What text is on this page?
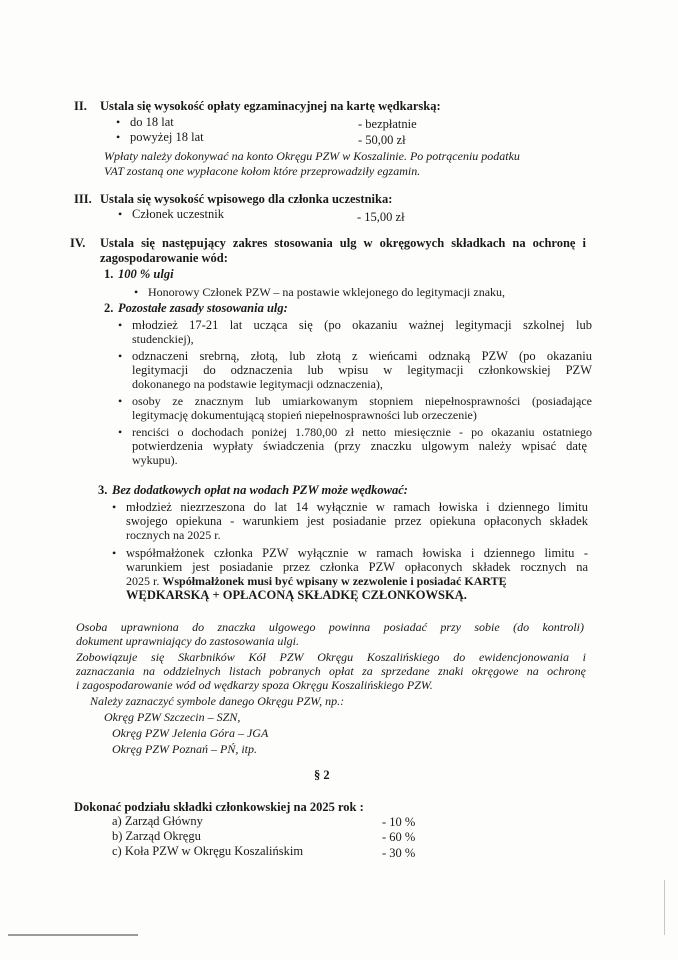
II. Ustala się wysokość opłaty egzaminacyjnej na kartę wędkarską:
• do 18 lat	- bezpłatnie
• powyżej 18 lat	- 50,00 zł
Wpłaty należy dokonywać na konto Okręgu PZW w Koszalinie. Po potrąceniu podatku
VAT zostaną one wypłacone kołom które przeprowadziły egzamin.
III. Ustala się wysokość wpisowego dla członka uczestnika:
• Członek uczestnik	- 15,00 zł
IV. Ustala się następujący zakres stosowania ulg w okręgowych składkach na ochronę i
zagospodarowanie wód:
1. 100 % ulgi
• Honorowy Członek PZW – na postawie wklejonego do legitymacji znaku,
2. Pozostałe zasady stosowania ulg:
• młodzież 17-21 lat ucząca się (po okazaniu ważnej legitymacji szkolnej lub
studenckiej),
• odznaczeni srebrną, złotą, lub złotą z wieńcami odznaką PZW (po okazaniu
legitymacji do odznaczenia lub wpisu w legitymacji członkowskiej PZW
dokonanego na podstawie legitymacji odznaczenia),
• osoby ze znacznym lub umiarkowanym stopniem niepełnosprawności (posiadające
legitymację dokumentującą stopień niepełnosprawności lub orzeczenie)
• renciści o dochodach poniżej 1.780,00 zł netto miesięcznie - po okazaniu ostatniego
potwierdzenia wypłaty świadczenia (przy znaczku ulgowym należy wpisać datę
wykupu).
3. Bez dodatkowych opłat na wodach PZW może wędkować:
• młodzież niezrzeszona do lat 14 wyłącznie w ramach łowiska i dziennego limitu
swojego opiekuna - warunkiem jest posiadanie przez opiekuna opłaconych składek
rocznych na 2025 r.
• współmałżonek członka PZW wyłącznie w ramach łowiska i dziennego limitu -
warunkiem jest posiadanie przez członka PZW opłaconych składek rocznych na
2025 r. Współmałżonek musi być wpisany w zezwolenie i posiadać KARTĘ
WĘDKARSKĄ + OPŁACONĄ SKŁADKĘ CZŁONKOWSKĄ.
Osoba uprawniona do znaczka ulgowego powinna posiadać przy sobie (do kontroli)
dokument uprawniający do zastosowania ulgi.
Zobowiązuje się Skarbników Kół PZW Okręgu Koszalińskiego do ewidencjonowania i
zaznaczania na oddzielnych listach pobranych opłat za sprzedane znaki okręgowe na ochronę
i zagospodarowanie wód od wędkarzy spoza Okręgu Koszalińskiego PZW.
Należy zaznaczyć symbole danego Okręgu PZW, np.:
Okręg PZW Szczecin – SZN,
Okręg PZW Jelenia Góra – JGA
Okręg PZW Poznań – PŃ, itp.
§ 2
Dokonać podziału składki członkowskiej na 2025 rok :
a) Zarząd Główny	- 10 %
b) Zarząd Okręgu	- 60 %
c) Koła PZW w Okręgu Koszalińskim	- 30 %
